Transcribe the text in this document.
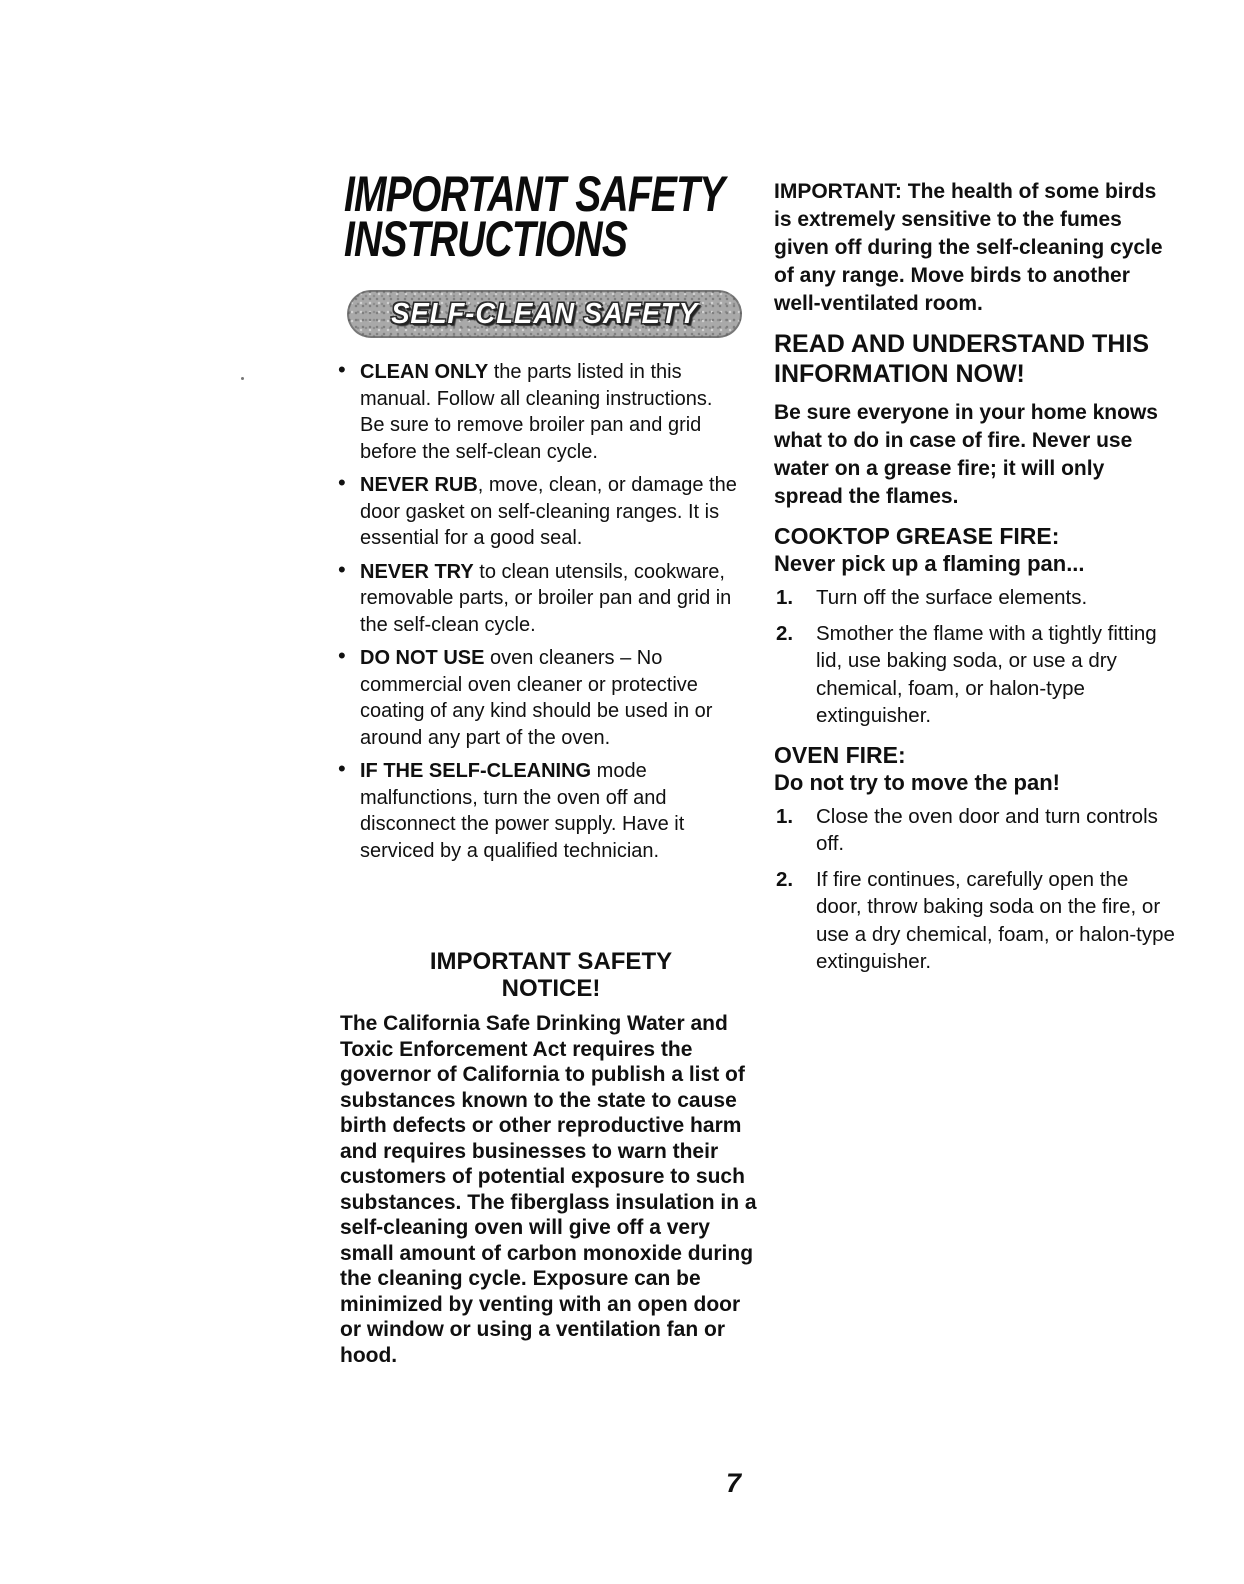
IMPORTANT SAFETY
INSTRUCTIONS
SELF-CLEAN SAFETY
• CLEAN ONLY the parts listed in this manual. Follow all cleaning instructions. Be sure to remove broiler pan and grid before the self-clean cycle.
• NEVER RUB, move, clean, or damage the door gasket on self-cleaning ranges. It is essential for a good seal.
• NEVER TRY to clean utensils, cookware, removable parts, or broiler pan and grid in the self-clean cycle.
• DO NOT USE oven cleaners – No commercial oven cleaner or protective coating of any kind should be used in or around any part of the oven.
• IF THE SELF-CLEANING mode malfunctions, turn the oven off and disconnect the power supply. Have it serviced by a qualified technician.
IMPORTANT SAFETY NOTICE!
The California Safe Drinking Water and Toxic Enforcement Act requires the governor of California to publish a list of substances known to the state to cause birth defects or other reproductive harm and requires businesses to warn their customers of potential exposure to such substances. The fiberglass insulation in a self-cleaning oven will give off a very small amount of carbon monoxide during the cleaning cycle. Exposure can be minimized by venting with an open door or window or using a ventilation fan or hood.
IMPORTANT: The health of some birds is extremely sensitive to the fumes given off during the self-cleaning cycle of any range. Move birds to another well-ventilated room.
READ AND UNDERSTAND THIS INFORMATION NOW!
Be sure everyone in your home knows what to do in case of fire. Never use water on a grease fire; it will only spread the flames.
COOKTOP GREASE FIRE:
Never pick up a flaming pan...
1. Turn off the surface elements.
2. Smother the flame with a tightly fitting lid, use baking soda, or use a dry chemical, foam, or halon-type extinguisher.
OVEN FIRE:
Do not try to move the pan!
1. Close the oven door and turn controls off.
2. If fire continues, carefully open the door, throw baking soda on the fire, or use a dry chemical, foam, or halon-type extinguisher.
7
